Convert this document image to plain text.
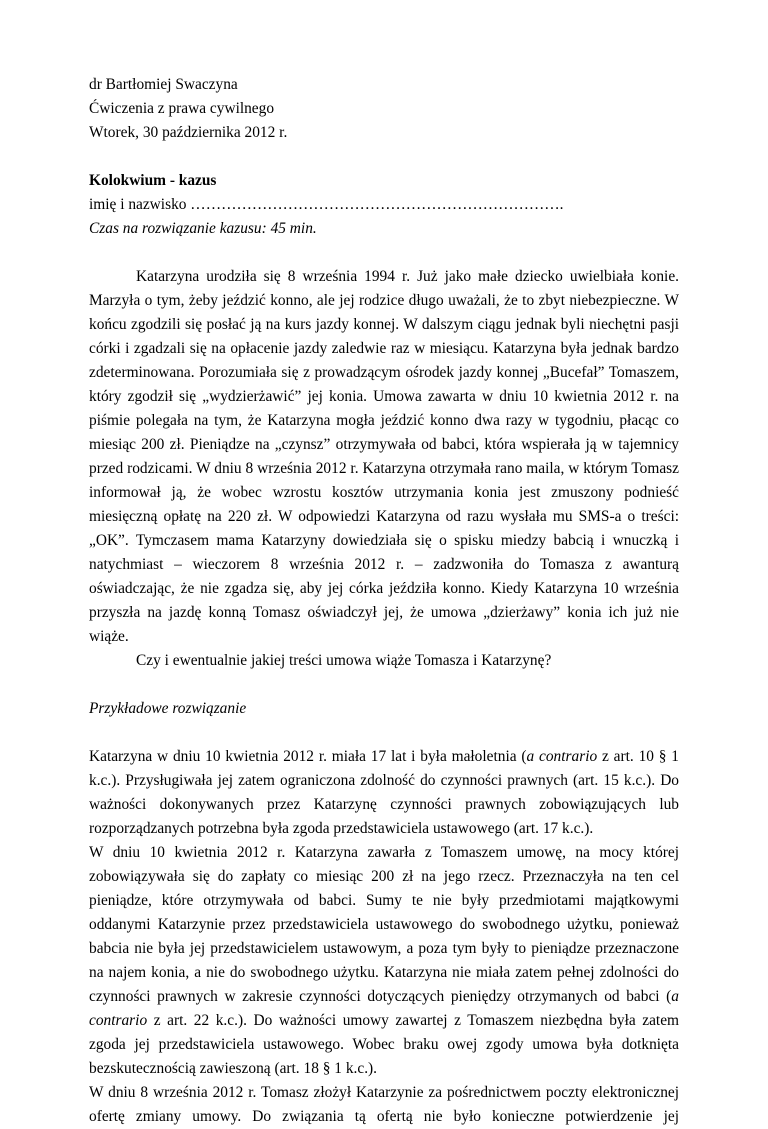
dr Bartłomiej Swaczyna
Ćwiczenia z prawa cywilnego
Wtorek, 30 października 2012 r.
Kolokwium - kazus
imię i nazwisko ……………………………………………………………….
Czas na rozwiązanie kazusu: 45 min.

Katarzyna urodziła się 8 września 1994 r. Już jako małe dziecko uwielbiała konie. Marzyła o tym, żeby jeździć konno, ale jej rodzice długo uważali, że to zbyt niebezpieczne. W końcu zgodzili się posłać ją na kurs jazdy konnej. W dalszym ciągu jednak byli niechętni pasji córki i zgadzali się na opłacenie jazdy zaledwie raz w miesiącu. Katarzyna była jednak bardzo zdeterminowana. Porozumiała się z prowadzącym ośrodek jazdy konnej „Bucefał” Tomaszem, który zgodził się „wydzierżawić” jej konia. Umowa zawarta w dniu 10 kwietnia 2012 r. na piśmie polegała na tym, że Katarzyna mogła jeździć konno dwa razy w tygodniu, płacąc co miesiąc 200 zł. Pieniądze na „czynsz” otrzymywała od babci, która wspierała ją w tajemnicy przed rodzicami. W dniu 8 września 2012 r. Katarzyna otrzymała rano maila, w którym Tomasz informował ją, że wobec wzrostu kosztów utrzymania konia jest zmuszony podnieść miesięczną opłatę na 220 zł. W odpowiedzi Katarzyna od razu wysłała mu SMS-a o treści: „OK”. Tymczasem mama Katarzyny dowiedziała się o spisku miedzy babcią i wnuczką i natychmiast – wieczorem 8 września 2012 r. – zadzwoniła do Tomasza z awanturą oświadczając, że nie zgadza się, aby jej córka jeździła konno. Kiedy Katarzyna 10 września przyszła na jazdę konną Tomasz oświadczył jej, że umowa „dzierżawy” konia ich już nie wiąże.

Czy i ewentualnie jakiej treści umowa wiąże Tomasza i Katarzynę?

Przykładowe rozwiązanie

Katarzyna w dniu 10 kwietnia 2012 r. miała 17 lat i była małoletnia (a contrario z art. 10 § 1 k.c.). Przysługiwała jej zatem ograniczona zdolność do czynności prawnych (art. 15 k.c.). Do ważności dokonywanych przez Katarzynę czynności prawnych zobowiązujących lub rozporządzanych potrzebna była zgoda przedstawiciela ustawowego (art. 17 k.c.).

W dniu 10 kwietnia 2012 r. Katarzyna zawarła z Tomaszem umowę, na mocy której zobowiązywała się do zapłaty co miesiąc 200 zł na jego rzecz. Przeznaczyła na ten cel pieniądze, które otrzymywała od babci. Sumy te nie były przedmiotami majątkowymi oddanymi Katarzynie przez przedstawiciela ustawowego do swobodnego użytku, ponieważ babcia nie była jej przedstawicielem ustawowym, a poza tym były to pieniądze przeznaczone na najem konia, a nie do swobodnego użytku. Katarzyna nie miała zatem pełnej zdolności do czynności prawnych w zakresie czynności dotyczących pieniędzy otrzymanych od babci (a contrario z art. 22 k.c.). Do ważności umowy zawartej z Tomaszem niezbędna była zatem zgoda jej przedstawiciela ustawowego. Wobec braku owej zgody umowa była dotknięta bezskutecznością zawieszoną (art. 18 § 1 k.c.).

W dniu 8 września 2012 r. Tomasz złożył Katarzynie za pośrednictwem poczty elektronicznej ofertę zmiany umowy. Do związania tą ofertą nie było konieczne potwierdzenie jej
